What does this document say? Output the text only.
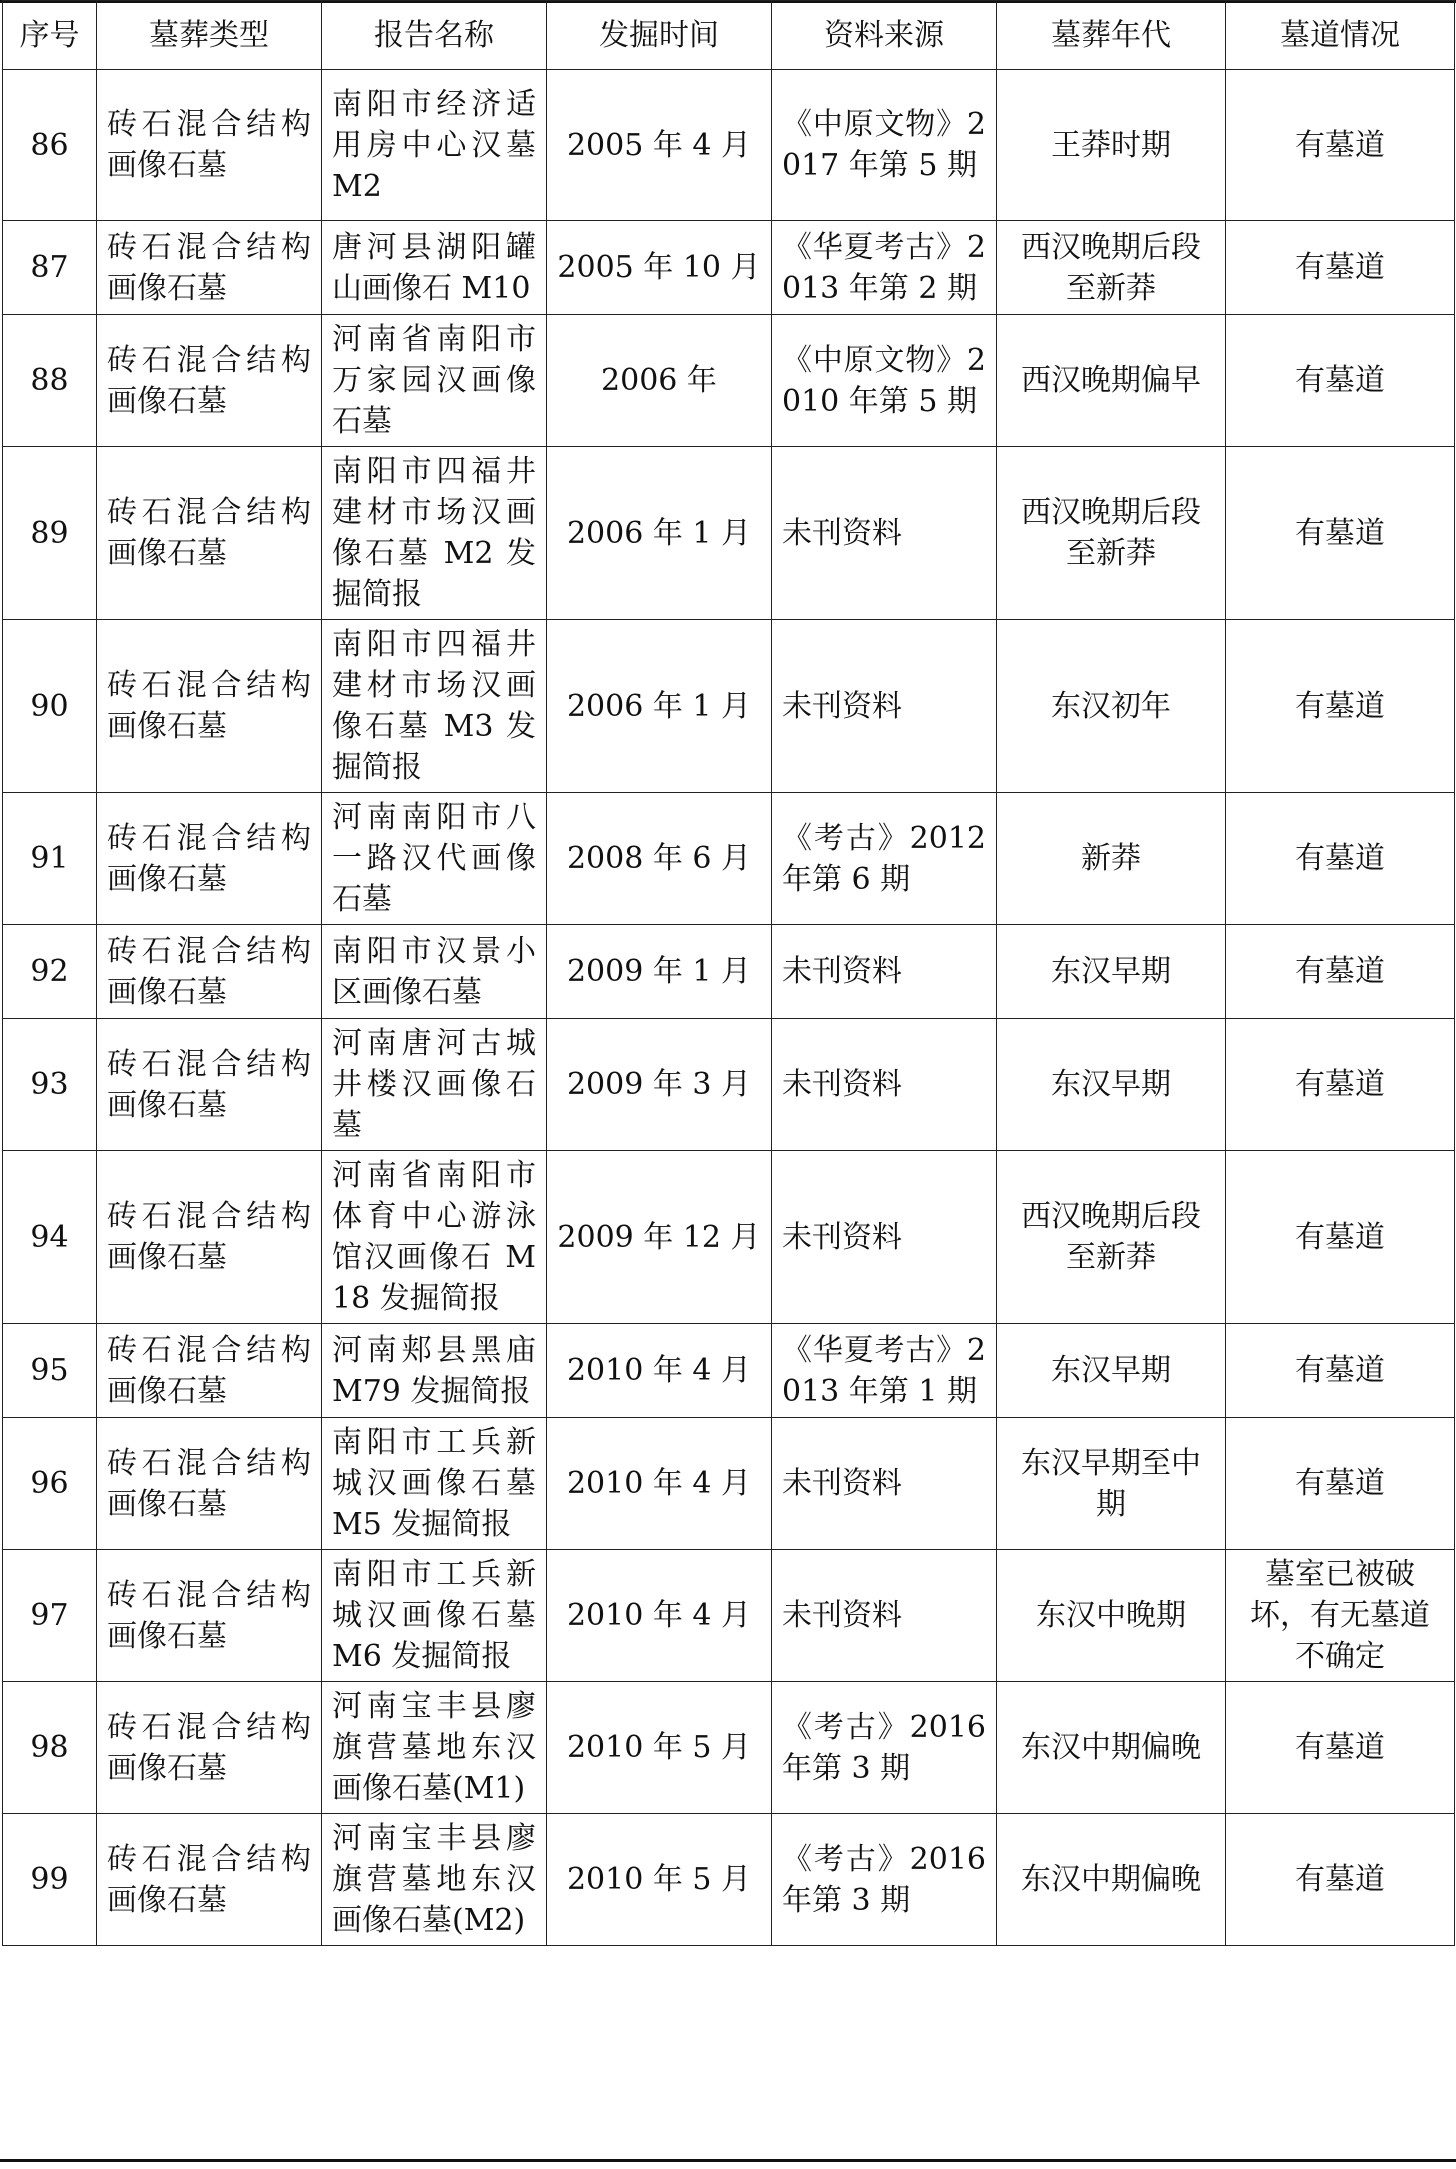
序号	墓葬类型	报告名称	发掘时间	资料来源	墓葬年代	墓道情况
86	砖石混合结构画像石墓	南阳市经济适用房中心汉墓 M2	2005 年 4 月	《中原文物》2017 年第 5 期	王莽时期	有墓道
87	砖石混合结构画像石墓	唐河县湖阳罐山画像石 M10	2005 年 10 月	《华夏考古》2013 年第 2 期	西汉晚期后段至新莽	有墓道
88	砖石混合结构画像石墓	河南省南阳市万家园汉画像石墓	2006 年	《中原文物》2010 年第 5 期	西汉晚期偏早	有墓道
89	砖石混合结构画像石墓	南阳市四福井建材市场汉画像石墓 M2 发掘简报	2006 年 1 月	未刊资料	西汉晚期后段至新莽	有墓道
90	砖石混合结构画像石墓	南阳市四福井建材市场汉画像石墓 M3 发掘简报	2006 年 1 月	未刊资料	东汉初年	有墓道
91	砖石混合结构画像石墓	河南南阳市八一路汉代画像石墓	2008 年 6 月	《考古》2012 年第 6 期	新莽	有墓道
92	砖石混合结构画像石墓	南阳市汉景小区画像石墓	2009 年 1 月	未刊资料	东汉早期	有墓道
93	砖石混合结构画像石墓	河南唐河古城井楼汉画像石墓	2009 年 3 月	未刊资料	东汉早期	有墓道
94	砖石混合结构画像石墓	河南省南阳市体育中心游泳馆汉画像石 M18 发掘简报	2009 年 12 月	未刊资料	西汉晚期后段至新莽	有墓道
95	砖石混合结构画像石墓	河南郏县黑庙 M79 发掘简报	2010 年 4 月	《华夏考古》2013 年第 1 期	东汉早期	有墓道
96	砖石混合结构画像石墓	南阳市工兵新城汉画像石墓 M5 发掘简报	2010 年 4 月	未刊资料	东汉早期至中期	有墓道
97	砖石混合结构画像石墓	南阳市工兵新城汉画像石墓 M6 发掘简报	2010 年 4 月	未刊资料	东汉中晚期	墓室已被破坏，有无墓道不确定
98	砖石混合结构画像石墓	河南宝丰县廖旗营墓地东汉画像石墓(M1)	2010 年 5 月	《考古》2016 年第 3 期	东汉中期偏晚	有墓道
99	砖石混合结构画像石墓	河南宝丰县廖旗营墓地东汉画像石墓(M2)	2010 年 5 月	《考古》2016 年第 3 期	东汉中期偏晚	有墓道
